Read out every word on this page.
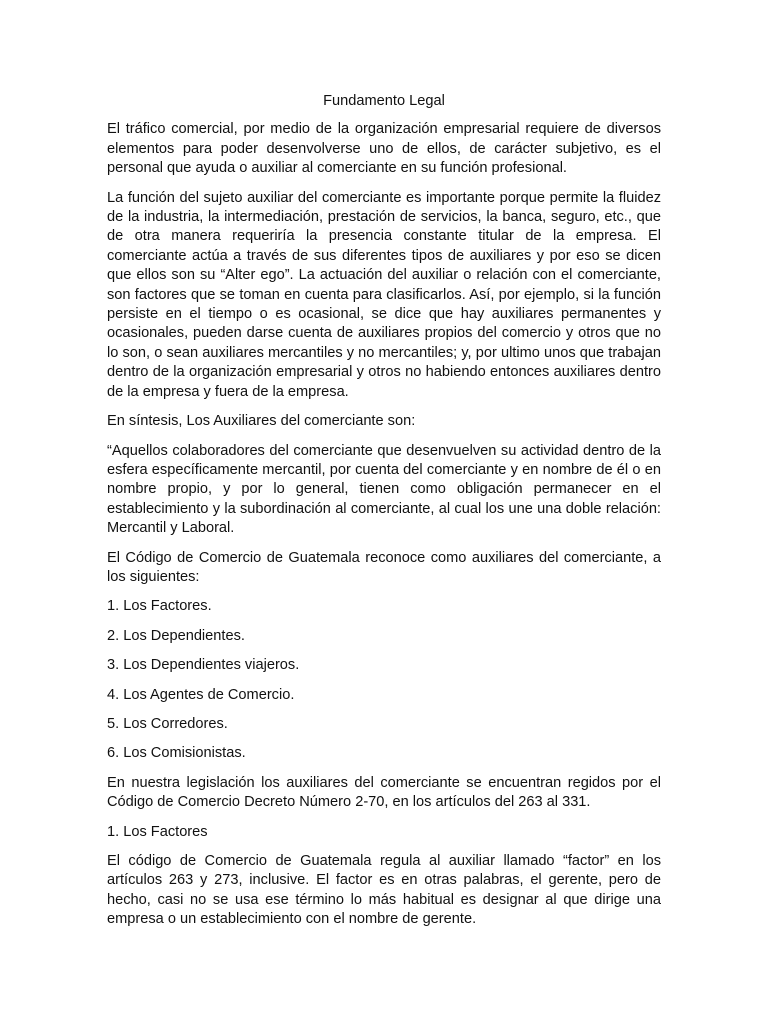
Fundamento Legal

El tráfico comercial, por medio de la organización empresarial requiere de diversos elementos para poder desenvolverse uno de ellos, de carácter subjetivo, es el personal que ayuda o auxiliar al comerciante en su función profesional.

La función del sujeto auxiliar del comerciante es importante porque permite la fluidez de la industria, la intermediación, prestación de servicios, la banca, seguro, etc., que de otra manera requeriría la presencia constante titular de la empresa. El comerciante actúa a través de sus diferentes tipos de auxiliares y por eso se dicen que ellos son su “Alter ego”. La actuación del auxiliar o relación con el comerciante, son factores que se toman en cuenta para clasificarlos. Así, por ejemplo, si la función persiste en el tiempo o es ocasional, se dice que hay auxiliares permanentes y ocasionales, pueden darse cuenta de auxiliares propios del comercio y otros que no lo son, o sean auxiliares mercantiles y no mercantiles; y, por ultimo unos que trabajan dentro de la organización empresarial y otros no habiendo entonces auxiliares dentro de la empresa y fuera de la empresa.

En síntesis, Los Auxiliares del comerciante son:

“Aquellos colaboradores del comerciante que desenvuelven su actividad dentro de la esfera específicamente mercantil, por cuenta del comerciante y en nombre de él o en nombre propio, y por lo general, tienen como obligación permanecer en el establecimiento y la subordinación al comerciante, al cual los une una doble relación: Mercantil y Laboral.

El Código de Comercio de Guatemala reconoce como auxiliares del comerciante, a los siguientes:

1. Los Factores.
2. Los Dependientes.
3. Los Dependientes viajeros.
4. Los Agentes de Comercio.
5. Los Corredores.
6. Los Comisionistas.

En nuestra legislación los auxiliares del comerciante se encuentran regidos por el Código de Comercio Decreto Número 2-70, en los artículos del 263 al 331.

1. Los Factores

El código de Comercio de Guatemala regula al auxiliar llamado “factor” en los artículos 263 y 273, inclusive. El factor es en otras palabras, el gerente, pero de hecho, casi no se usa ese término lo más habitual es designar al que dirige una empresa o un establecimiento con el nombre de gerente.
